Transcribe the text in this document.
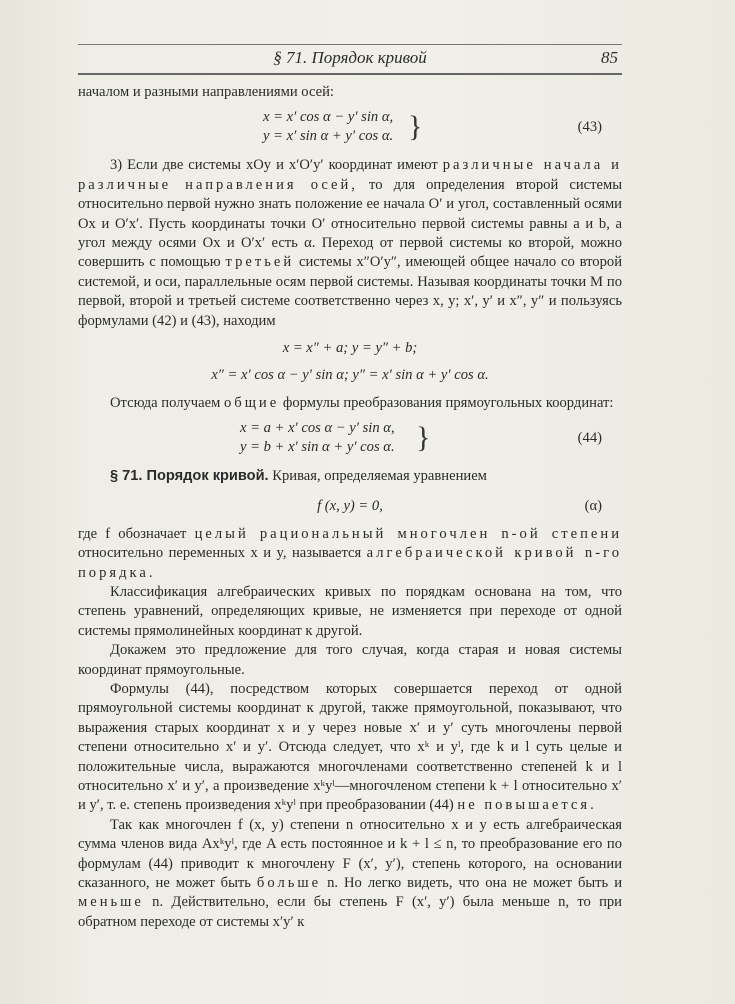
§ 71. Порядок кривой	85

началом и разными направлениями осей:

x = x′ cos α − y′ sin α,
y = x′ sin α + y′ cos α. }	(43)

3) Если две системы xOy и x′O′y′ координат имеют различные начала и различные направления осей, то для определения второй системы относительно первой нужно знать положение ее начала O′ и угол, составленный осями Ox и O′x′. Пусть координаты точки O′ относительно первой системы равны a и b, а угол между осями Ox и O′x′ есть α. Переход от первой системы ко второй, можно совершить с помощью третьей системы x″O′y″, имеющей общее начало со второй системой, и оси, параллельные осям первой системы. Называя координаты точки M по первой, второй и третьей системе соответственно через x, y; x′, y′ и x″, y″ и пользуясь формулами (42) и (43), находим

x = x″ + a; y = y″ + b;
x″ = x′ cos α − y′ sin α; y″ = x′ sin α + y′ cos α.

Отсюда получаем общие формулы преобразования прямоугольных координат:

x = a + x′ cos α − y′ sin α,
y = b + x′ sin α + y′ cos α. }	(44)

§ 71. Порядок кривой. Кривая, определяемая уравнением

f (x, y) = 0,	(α)

где f обозначает целый рациональный многочлен n-ой степени относительно переменных x и y, называется алгебраической кривой n-го порядка.

Классификация алгебраических кривых по порядкам основана на том, что степень уравнений, определяющих кривые, не изменяется при переходе от одной системы прямолинейных координат к другой.

Докажем это предложение для того случая, когда старая и новая системы координат прямоугольные.

Формулы (44), посредством которых совершается переход от одной прямоугольной системы координат к другой, также прямоугольной, показывают, что выражения старых координат x и y через новые x′ и y′ суть многочлены первой степени относительно x′ и y′. Отсюда следует, что xᵏ и yˡ, где k и l суть целые и положительные числа, выражаются многочленами соответственно степеней k и l относительно x′ и y′, а произведение xᵏyˡ—многочленом степени k + l относительно x′ и y′, т. е. степень произведения xᵏyˡ при преобразовании (44) не повышается.

Так как многочлен f (x, y) степени n относительно x и y есть алгебраическая сумма членов вида Axᵏyˡ, где A есть постоянное и k + l ≤ n, то преобразование его по формулам (44) приводит к многочлену F (x′, y′), степень которого, на основании сказанного, не может быть больше n. Но легко видеть, что она не может быть и меньше n. Действительно, если бы степень F (x′, y′) была меньше n, то при обратном переходе от системы x′y′ к
